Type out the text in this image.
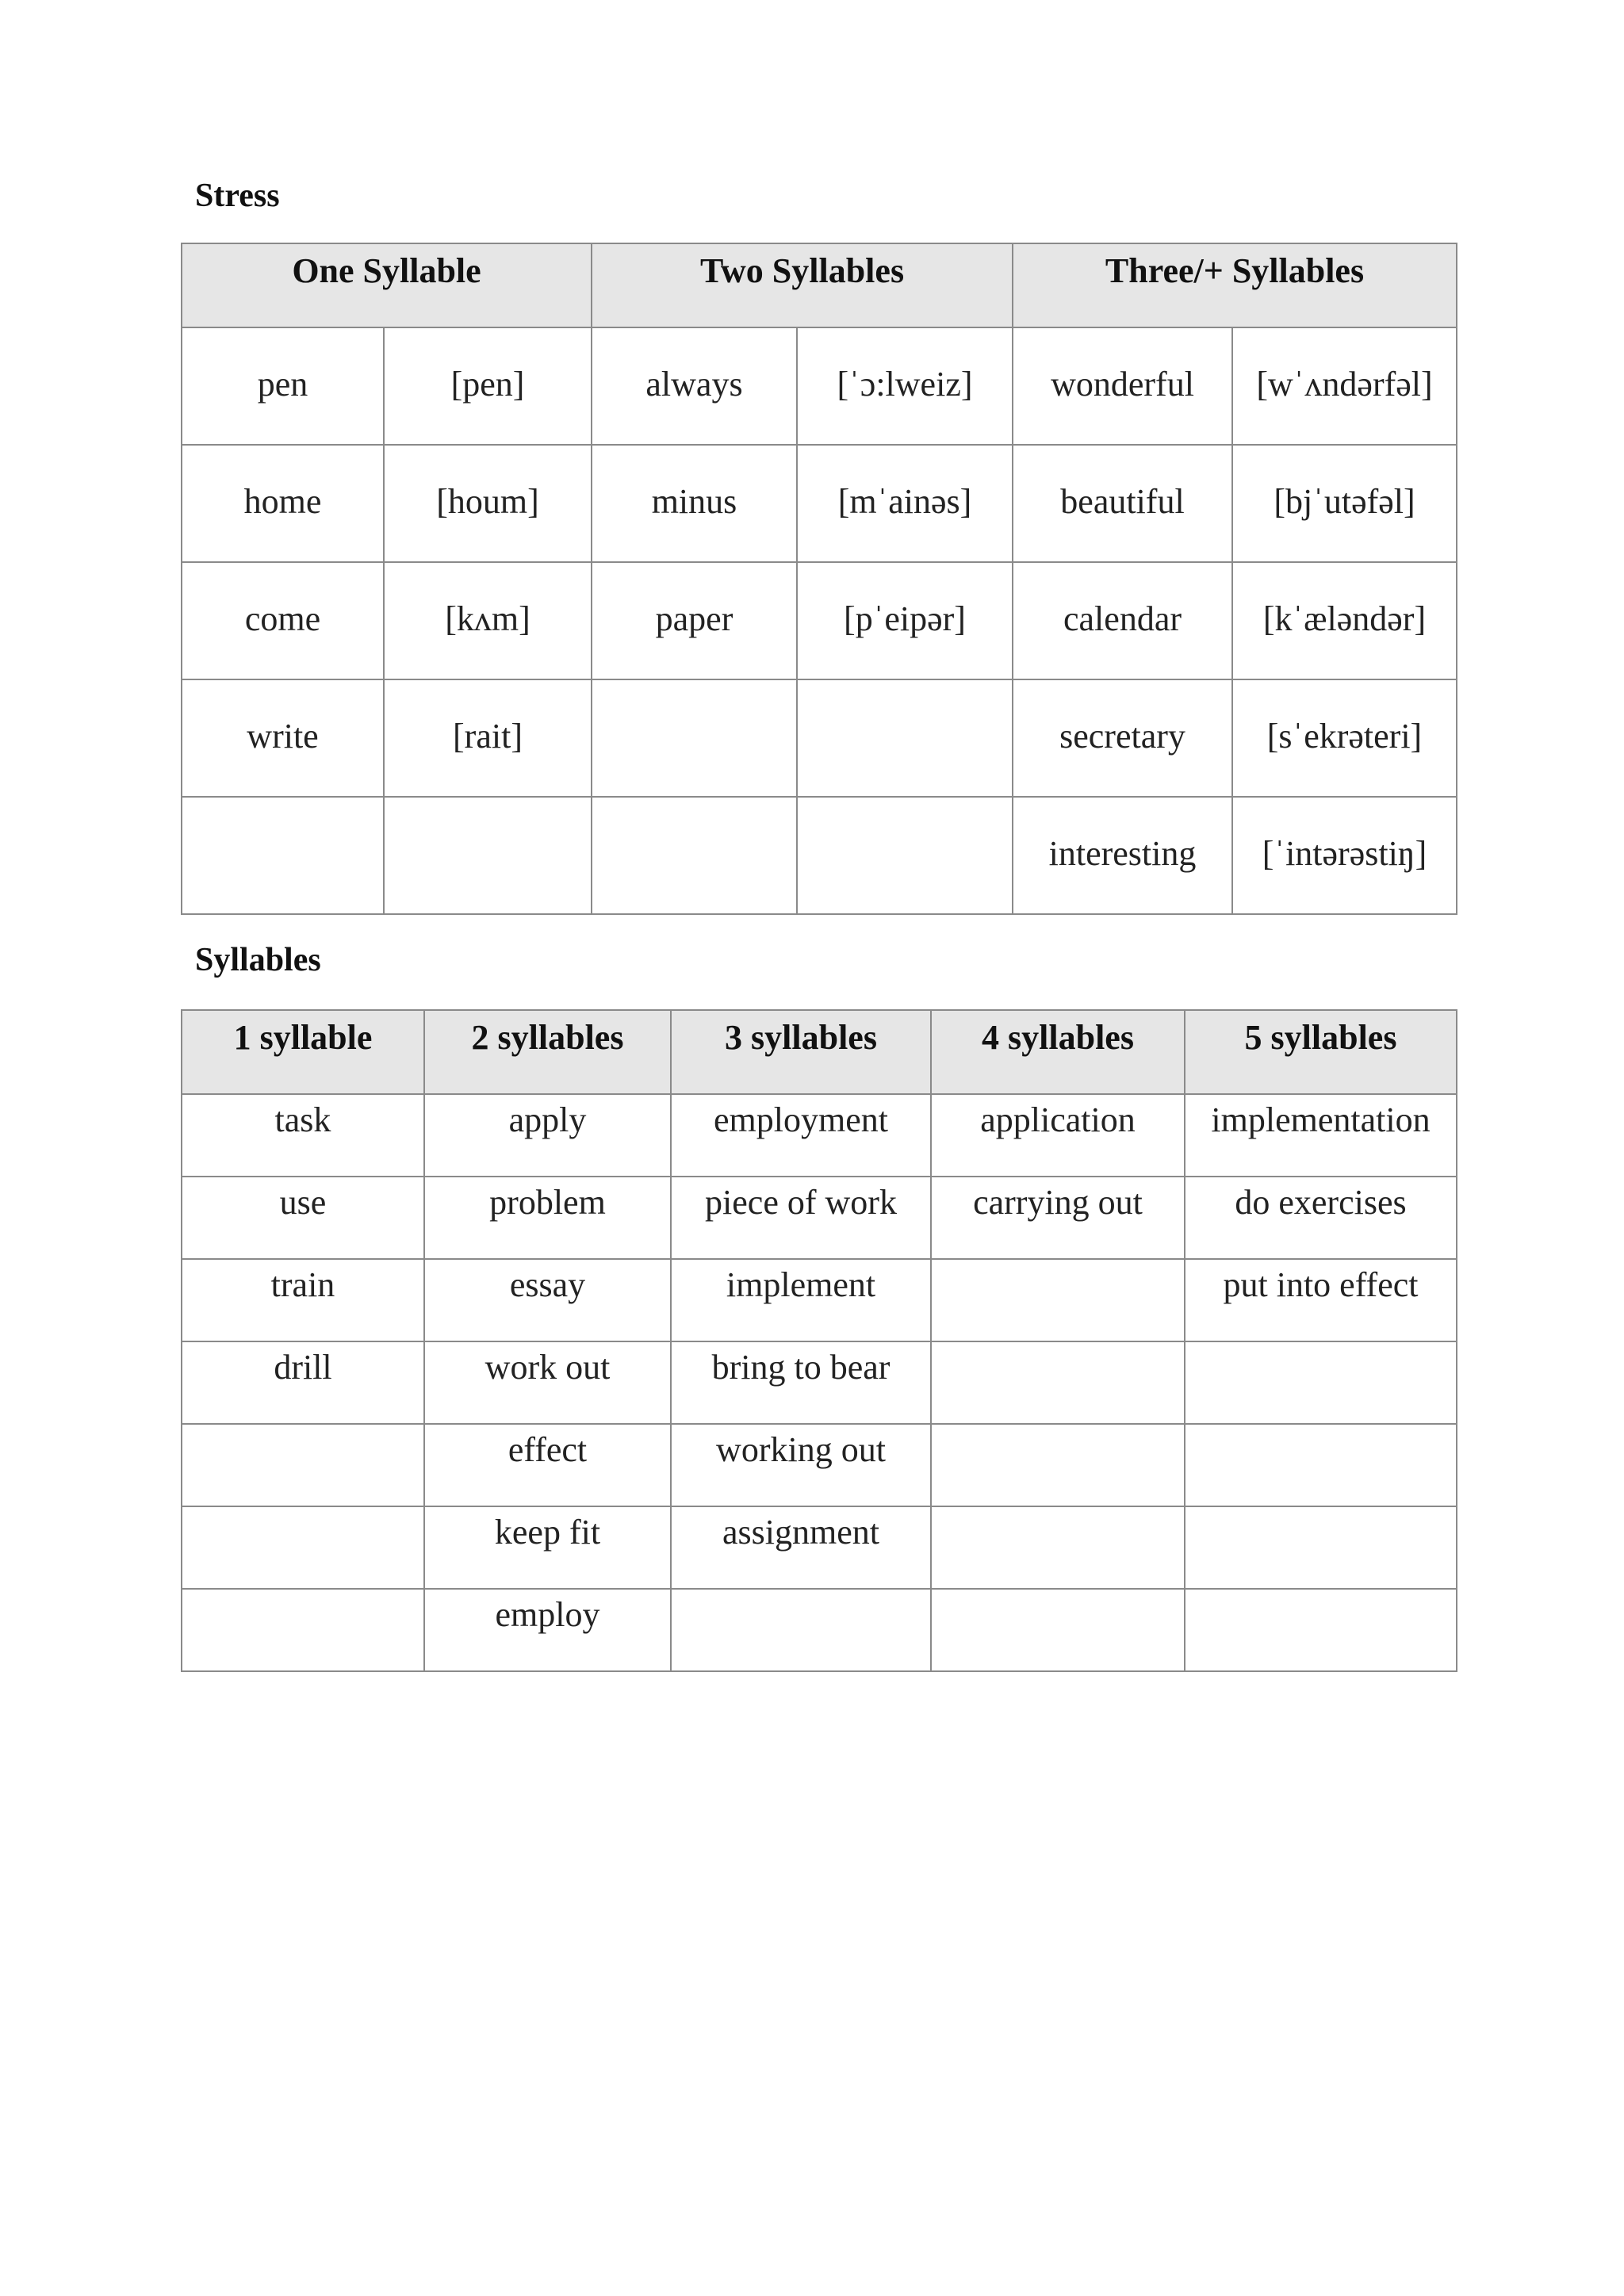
Stress
One Syllable		Two Syllables		Three/+ Syllables	
pen	[pen]	always	[ˈɔ:lweiz]	wonderful	[wˈʌndərfəl]
home	[houm]	minus	[mˈainəs]	beautiful	[bjˈutəfəl]
come	[kʌm]	paper	[pˈeipər]	calendar	[kˈæləndər]
write	[rait]			secretary	[sˈekrəteri]
				interesting	[ˈintərəstiŋ]
Syllables
1 syllable	2 syllables	3 syllables	4 syllables	5 syllables
task	apply	employment	application	implementation
use	problem	piece of work	carrying out	do exercises
train	essay	implement		put into effect
drill	work out	bring to bear		
	effect	working out		
	keep fit	assignment		
	employ			
